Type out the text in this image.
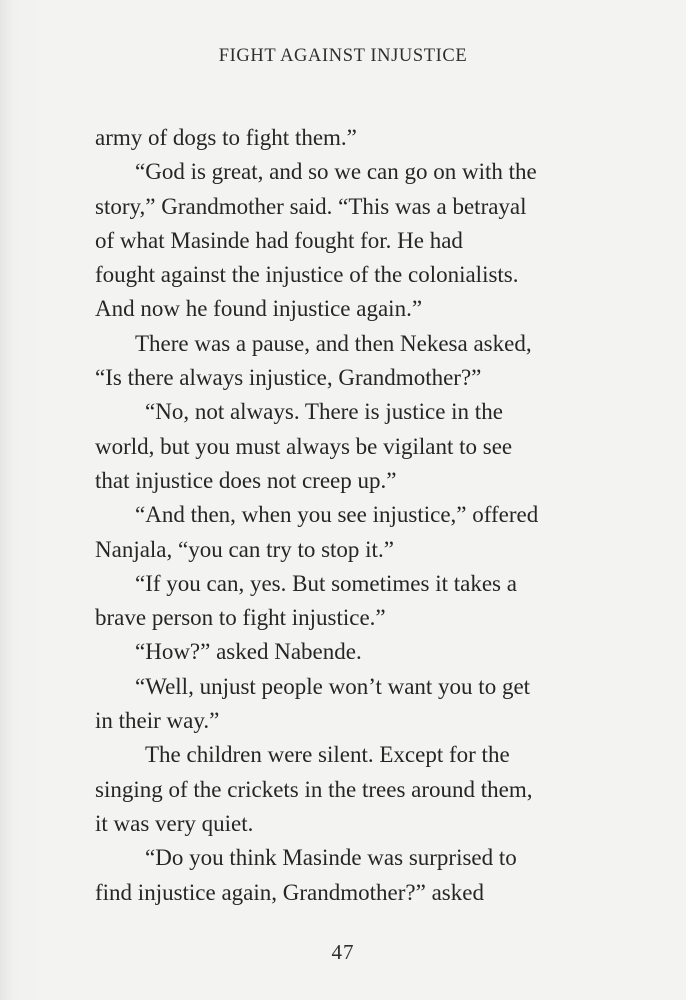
FIGHT AGAINST INJUSTICE
army of dogs to fight them.”
“God is great, and so we can go on with the
story,” Grandmother said. “This was a betrayal
of what Masinde had fought for. He had
fought against the injustice of the colonialists.
And now he found injustice again.”
There was a pause, and then Nekesa asked,
“Is there always injustice, Grandmother?”
“No, not always. There is justice in the
world, but you must always be vigilant to see
that injustice does not creep up.”
“And then, when you see injustice,” offered
Nanjala, “you can try to stop it.”
“If you can, yes. But sometimes it takes a
brave person to fight injustice.”
“How?” asked Nabende.
“Well, unjust people won’t want you to get
in their way.”
The children were silent. Except for the
singing of the crickets in the trees around them,
it was very quiet.
“Do you think Masinde was surprised to
find injustice again, Grandmother?” asked
47
